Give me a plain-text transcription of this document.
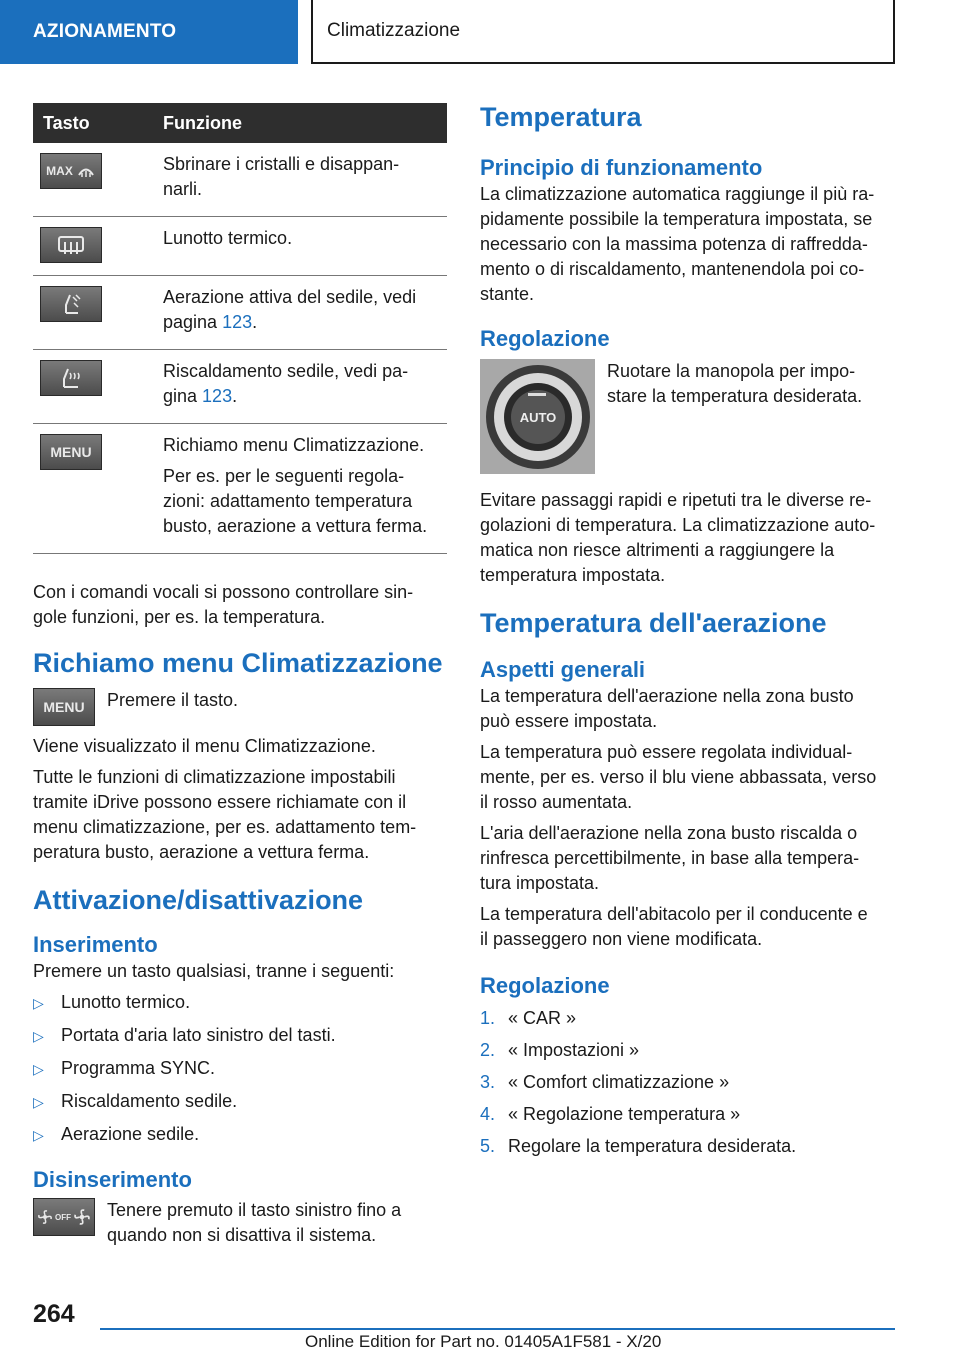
AZIONAMENTO	Climatizzazione
Tasto	Funzione

MAX	Sbrinare i cristalli e disappan-
narli.

Lunotto termico.

Aerazione attiva del sedile, vedi
pagina 123.

Riscaldamento sedile, vedi pa-
gina 123.

MENU	Richiamo menu Climatizzazione.
Per es. per le seguenti regola-
zioni: adattamento temperatura
busto, aerazione a vettura ferma.
Con i comandi vocali si possono controllare sin-
gole funzioni, per es. la temperatura.
Richiamo menu Climatizzazione
MENU Premere il tasto.
Viene visualizzato il menu Climatizzazione.
Tutte le funzioni di climatizzazione impostabili
tramite iDrive possono essere richiamate con il
menu climatizzazione, per es. adattamento tem-
peratura busto, aerazione a vettura ferma.
Attivazione/disattivazione
Inserimento
Premere un tasto qualsiasi, tranne i seguenti:
▷ Lunotto termico.
▷ Portata d'aria lato sinistro del tasti.
▷ Programma SYNC.
▷ Riscaldamento sedile.
▷ Aerazione sedile.
Disinserimento
OFF Tenere premuto il tasto sinistro fino a
quando non si disattiva il sistema.
Temperatura
Principio di funzionamento
La climatizzazione automatica raggiunge il più ra-
pidamente possibile la temperatura impostata, se
necessario con la massima potenza di raffredda-
mento o di riscaldamento, mantenendola poi co-
stante.
Regolazione
AUTO
Ruotare la manopola per impo-
stare la temperatura desiderata.
Evitare passaggi rapidi e ripetuti tra le diverse re-
golazioni di temperatura. La climatizzazione auto-
matica non riesce altrimenti a raggiungere la
temperatura impostata.
Temperatura dell'aerazione
Aspetti generali
La temperatura dell'aerazione nella zona busto
può essere impostata.
La temperatura può essere regolata individual-
mente, per es. verso il blu viene abbassata, verso
il rosso aumentata.
L'aria dell'aerazione nella zona busto riscalda o
rinfresca percettibilmente, in base alla tempera-
tura impostata.
La temperatura dell'abitacolo per il conducente e
il passeggero non viene modificata.
Regolazione
1. « CAR »
2. « Impostazioni »
3. « Comfort climatizzazione »
4. « Regolazione temperatura »
5. Regolare la temperatura desiderata.
264
Online Edition for Part no. 01405A1F581 - X/20
